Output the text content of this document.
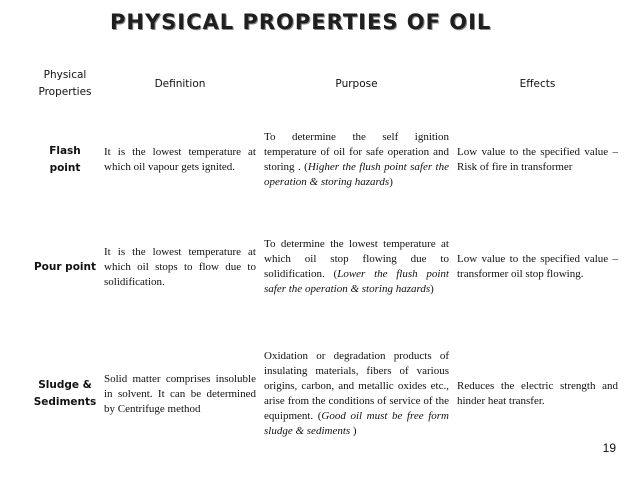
PHYSICAL PROPERTIES OF OIL
Physical Properties	Definition	Purpose	Effects
Flash point	It is the lowest temperature at which oil vapour gets ignited.	To determine the self ignition temperature of oil for safe operation and storing . (Higher the flush point safer the operation & storing hazards)	Low value to the specified value – Risk of fire in transformer
Pour point	It is the lowest temperature at which oil stops to flow due to solidification.	To determine the lowest temperature at which oil stop flowing due to solidification. (Lower the flush point safer the operation & storing hazards)	Low value to the specified value – transformer oil stop flowing.
Sludge & Sediments	Solid matter comprises insoluble in solvent. It can be determined by Centrifuge method	Oxidation or degradation products of insulating materials, fibers of various origins, carbon, and metallic oxides etc., arise from the conditions of service of the equipment. (Good oil must be free form sludge & sediments )	Reduces the electric strength and hinder heat transfer.
19
